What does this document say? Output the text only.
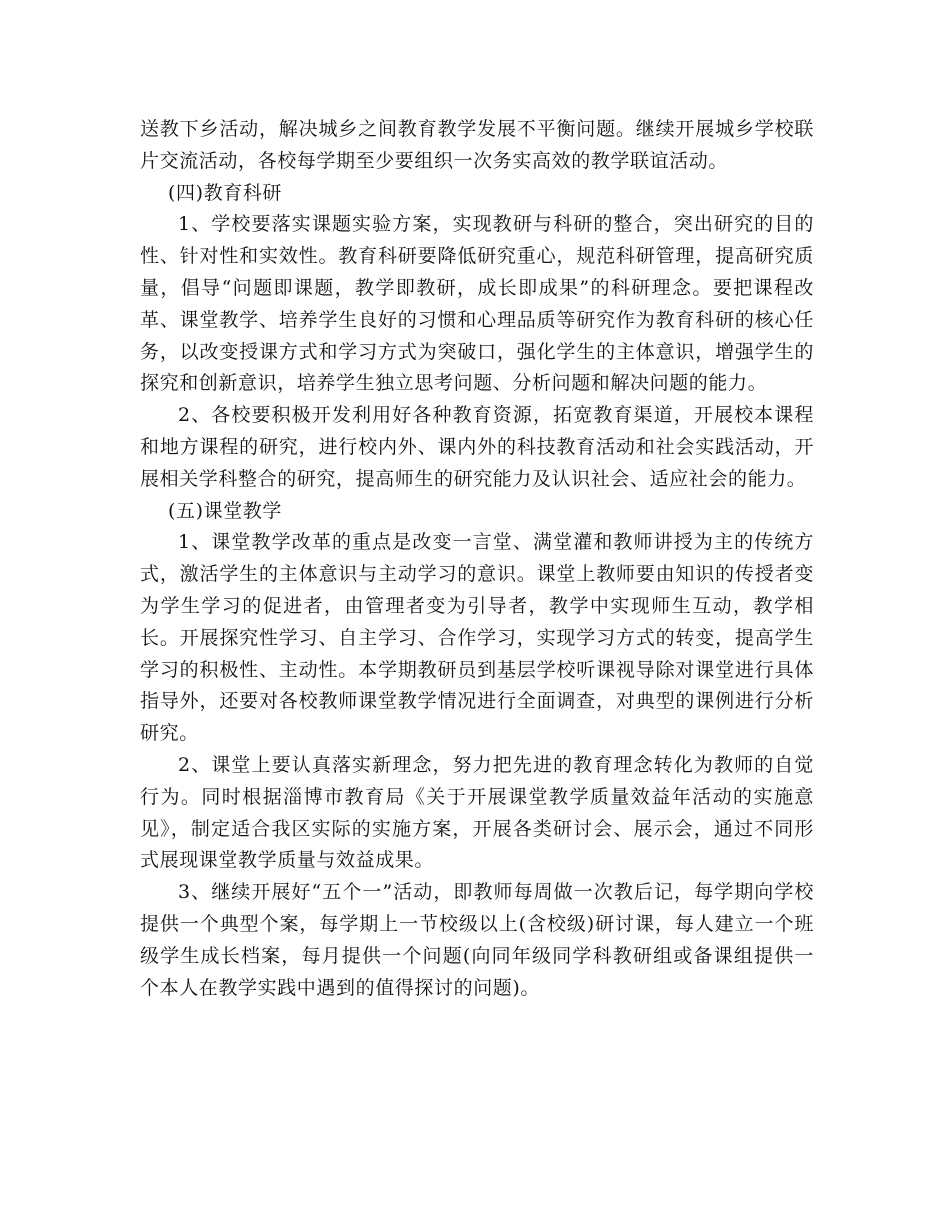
送教下乡活动，解决城乡之间教育教学发展不平衡问题。继续开展城乡学校联片交流活动，各校每学期至少要组织一次务实高效的教学联谊活动。

(四)教育科研

1、学校要落实课题实验方案，实现教研与科研的整合，突出研究的目的性、针对性和实效性。教育科研要降低研究重心，规范科研管理，提高研究质量，倡导“问题即课题，教学即教研，成长即成果”的科研理念。要把课程改革、课堂教学、培养学生良好的习惯和心理品质等研究作为教育科研的核心任务，以改变授课方式和学习方式为突破口，强化学生的主体意识，增强学生的探究和创新意识，培养学生独立思考问题、分析问题和解决问题的能力。

2、各校要积极开发利用好各种教育资源，拓宽教育渠道，开展校本课程和地方课程的研究，进行校内外、课内外的科技教育活动和社会实践活动，开展相关学科整合的研究，提高师生的研究能力及认识社会、适应社会的能力。

(五)课堂教学

1、课堂教学改革的重点是改变一言堂、满堂灌和教师讲授为主的传统方式，激活学生的主体意识与主动学习的意识。课堂上教师要由知识的传授者变为学生学习的促进者，由管理者变为引导者，教学中实现师生互动，教学相长。开展探究性学习、自主学习、合作学习，实现学习方式的转变，提高学生学习的积极性、主动性。本学期教研员到基层学校听课视导除对课堂进行具体指导外，还要对各校教师课堂教学情况进行全面调查，对典型的课例进行分析研究。

2、课堂上要认真落实新理念，努力把先进的教育理念转化为教师的自觉行为。同时根据淄博市教育局《关于开展课堂教学质量效益年活动的实施意见》，制定适合我区实际的实施方案，开展各类研讨会、展示会，通过不同形式展现课堂教学质量与效益成果。

3、继续开展好“五个一”活动，即教师每周做一次教后记，每学期向学校提供一个典型个案，每学期上一节校级以上(含校级)研讨课，每人建立一个班级学生成长档案，每月提供一个问题(向同年级同学科教研组或备课组提供一个本人在教学实践中遇到的值得探讨的问题)。
